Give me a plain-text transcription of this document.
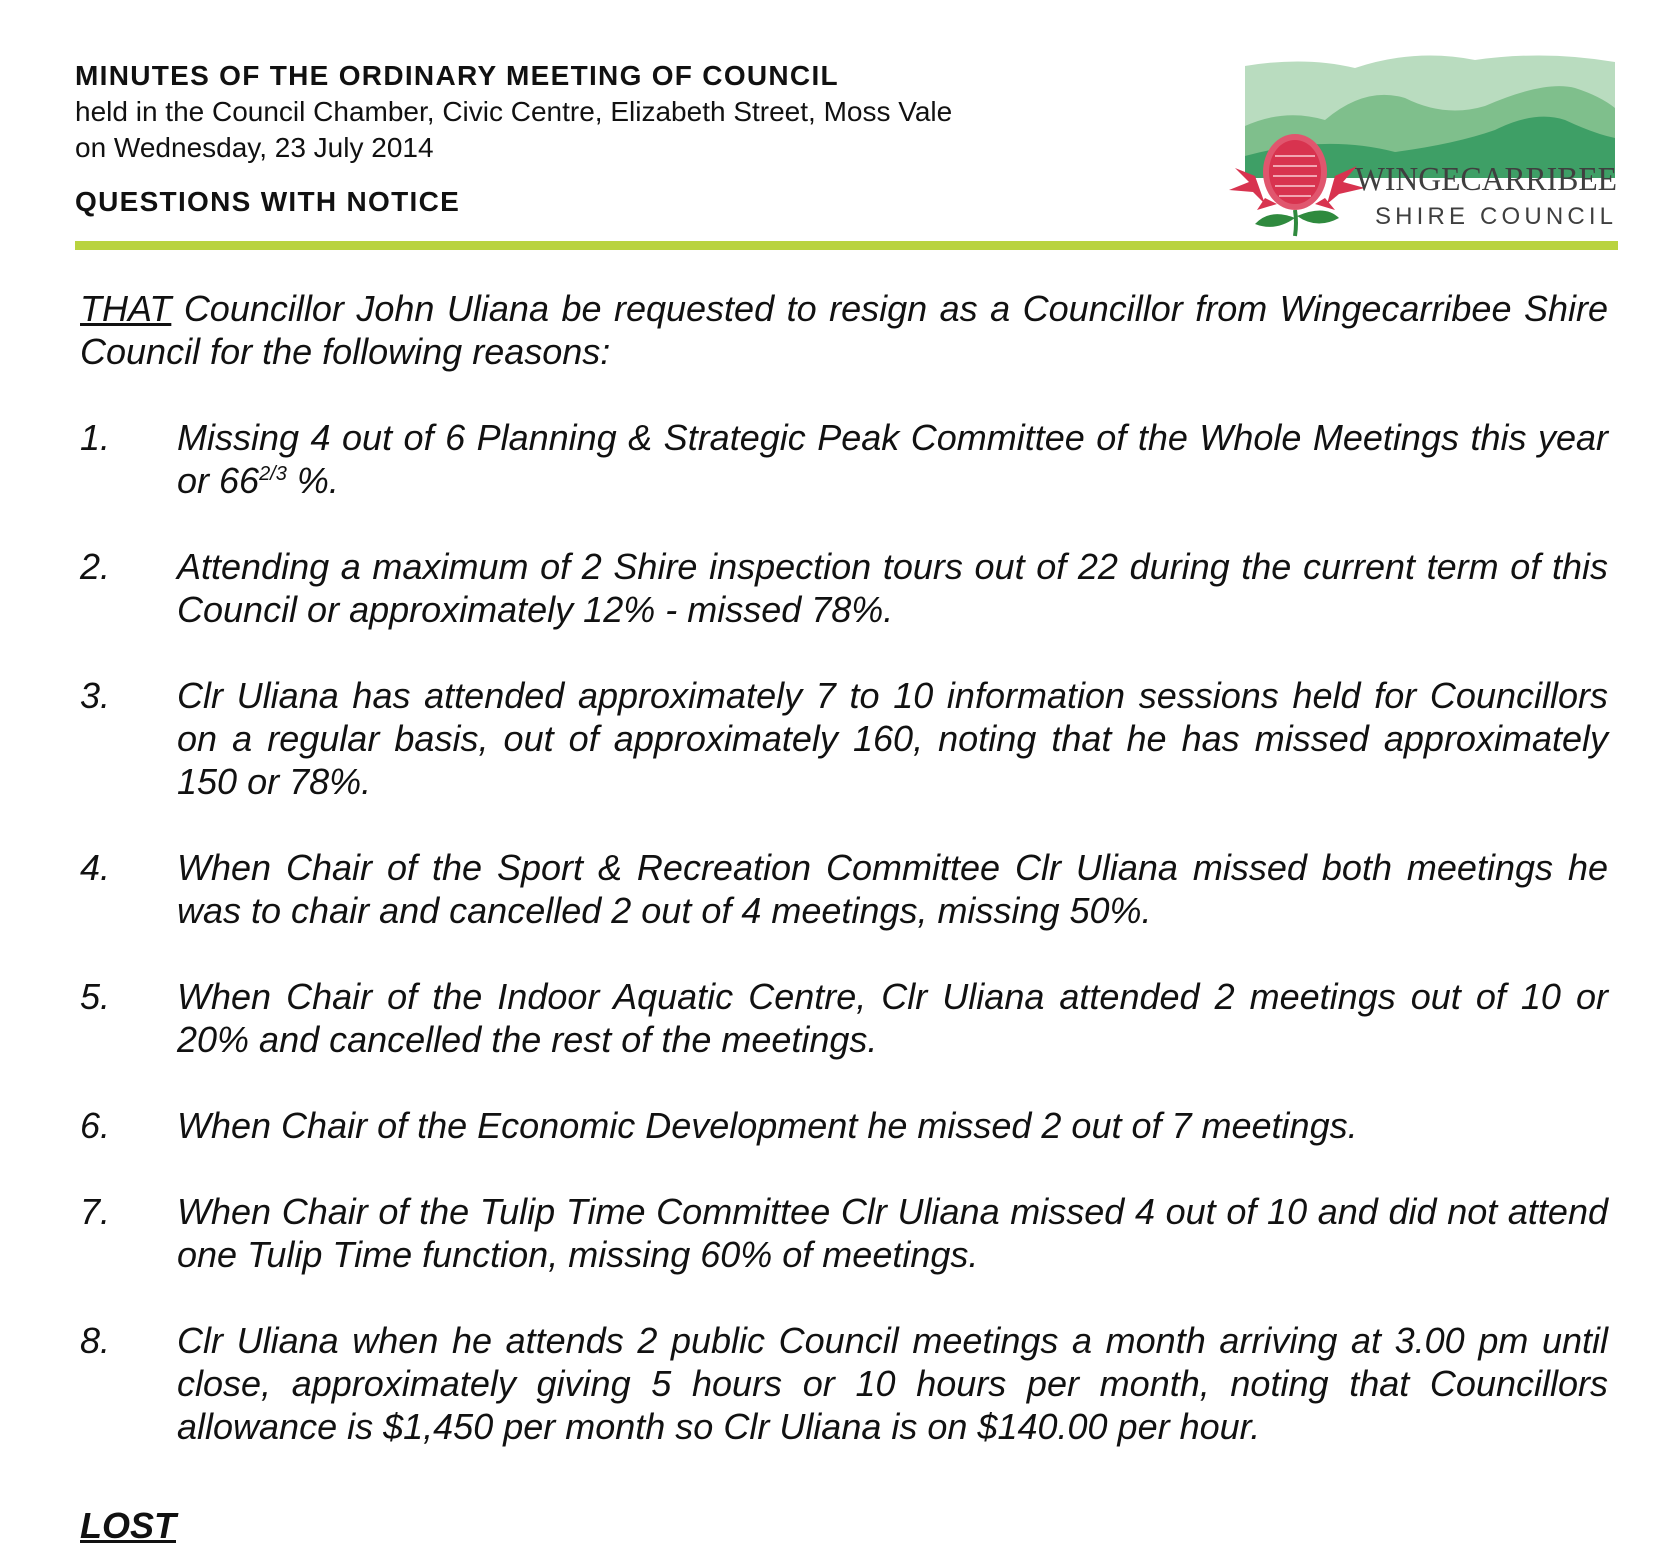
MINUTES OF THE ORDINARY MEETING OF COUNCIL

held in the Council Chamber, Civic Centre, Elizabeth Street, Moss Vale

on Wednesday, 23 July 2014

QUESTIONS WITH NOTICE

WINGECARRIBEE
SHIRE COUNCIL

THAT Councillor John Uliana be requested to resign as a Councillor from Wingecarribee Shire Council for the following reasons:

1.	Missing 4 out of 6 Planning & Strategic Peak Committee of the Whole Meetings this year or $66^{2/3}$ %.
2.	Attending a maximum of 2 Shire inspection tours out of 22 during the current term of this Council or approximately 12% - missed 78%.
3.	Clr Uliana has attended approximately 7 to 10 information sessions held for Councillors on a regular basis, out of approximately 160, noting that he has missed approximately 150 or 78%.
4.	When Chair of the Sport & Recreation Committee Clr Uliana missed both meetings he was to chair and cancelled 2 out of 4 meetings, missing 50%.
5.	When Chair of the Indoor Aquatic Centre, Clr Uliana attended 2 meetings out of 10 or 20% and cancelled the rest of the meetings.
6.	When Chair of the Economic Development he missed 2 out of 7 meetings.
7.	When Chair of the Tulip Time Committee Clr Uliana missed 4 out of 10 and did not attend one Tulip Time function, missing 60% of meetings.
8.	Clr Uliana when he attends 2 public Council meetings a month arriving at 3.00 pm until close, approximately giving 5 hours or 10 hours per month, noting that Councillors allowance is $1,450 per month so Clr Uliana is on $140.00 per hour.
LOST
